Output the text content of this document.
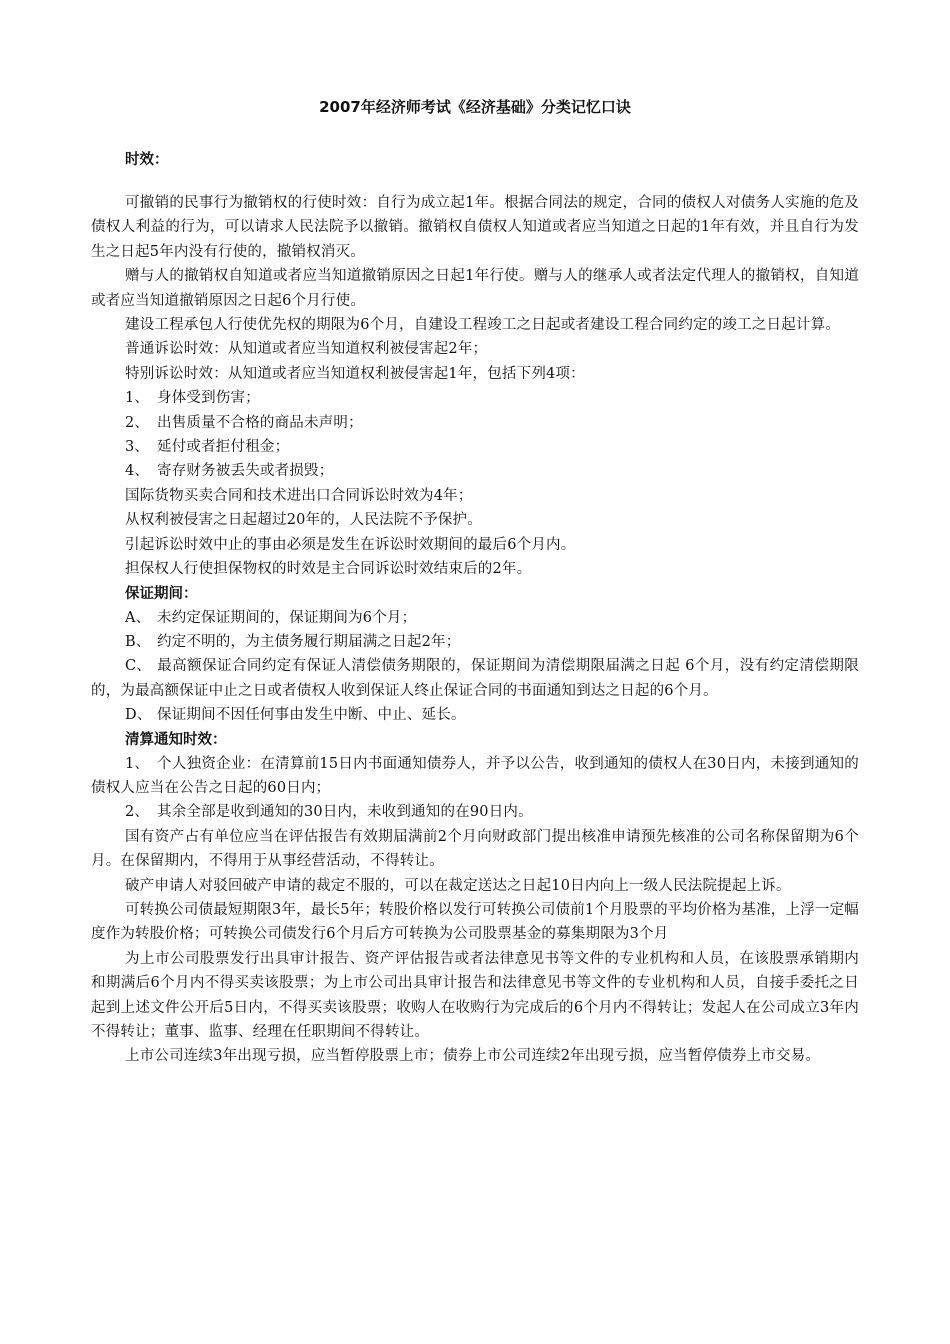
2007年经济师考试《经济基础》分类记忆口诀
时效：

可撤销的民事行为撤销权的行使时效：自行为成立起1年。根据合同法的规定，合同的债权人对债务人实施的危及债权人利益的行为，可以请求人民法院予以撤销。撤销权自债权人知道或者应当知道之日起的1年有效，并且自行为发生之日起5年内没有行使的，撤销权消灭。

赠与人的撤销权自知道或者应当知道撤销原因之日起1年行使。赠与人的继承人或者法定代理人的撤销权，自知道或者应当知道撤销原因之日起6个月行使。

建设工程承包人行使优先权的期限为6个月，自建设工程竣工之日起或者建设工程合同约定的竣工之日起计算。

普通诉讼时效：从知道或者应当知道权利被侵害起2年；

特别诉讼时效：从知道或者应当知道权利被侵害起1年，包括下列4项：

1、 身体受到伤害；

2、 出售质量不合格的商品未声明；

3、 延付或者拒付租金；

4、 寄存财务被丢失或者损毁；

国际货物买卖合同和技术进出口合同诉讼时效为4年；

从权利被侵害之日起超过20年的，人民法院不予保护。

引起诉讼时效中止的事由必须是发生在诉讼时效期间的最后6个月内。

担保权人行使担保物权的时效是主合同诉讼时效结束后的2年。

保证期间：

A、 未约定保证期间的，保证期间为6个月；

B、 约定不明的，为主债务履行期届满之日起2年；

C、 最高额保证合同约定有保证人清偿债务期限的，保证期间为清偿期限届满之日起 6个月，没有约定清偿期限的，为最高额保证中止之日或者债权人收到保证人终止保证合同的书面通知到达之日起的6个月。

D、 保证期间不因任何事由发生中断、中止、延长。

清算通知时效：

1、 个人独资企业：在清算前15日内书面通知债券人，并予以公告，收到通知的债权人在30日内，未接到通知的债权人应当在公告之日起的60日内；

2、 其余全部是收到通知的30日内，未收到通知的在90日内。

国有资产占有单位应当在评估报告有效期届满前2个月向财政部门提出核准申请预先核准的公司名称保留期为6个月。在保留期内，不得用于从事经营活动，不得转让。

破产申请人对驳回破产申请的裁定不服的，可以在裁定送达之日起10日内向上一级人民法院提起上诉。

可转换公司债最短期限3年，最长5年；转股价格以发行可转换公司债前1个月股票的平均价格为基准，上浮一定幅度作为转股价格；可转换公司债发行6个月后方可转换为公司股票基金的募集期限为3个月

为上市公司股票发行出具审计报告、资产评估报告或者法律意见书等文件的专业机构和人员，在该股票承销期内和期满后6个月内不得买卖该股票；为上市公司出具审计报告和法律意见书等文件的专业机构和人员，自接手委托之日起到上述文件公开后5日内，不得买卖该股票；收购人在收购行为完成后的6个月内不得转让；发起人在公司成立3年内不得转让；董事、监事、经理在任职期间不得转让。

上市公司连续3年出现亏损，应当暂停股票上市；债券上市公司连续2年出现亏损，应当暂停债券上市交易。
